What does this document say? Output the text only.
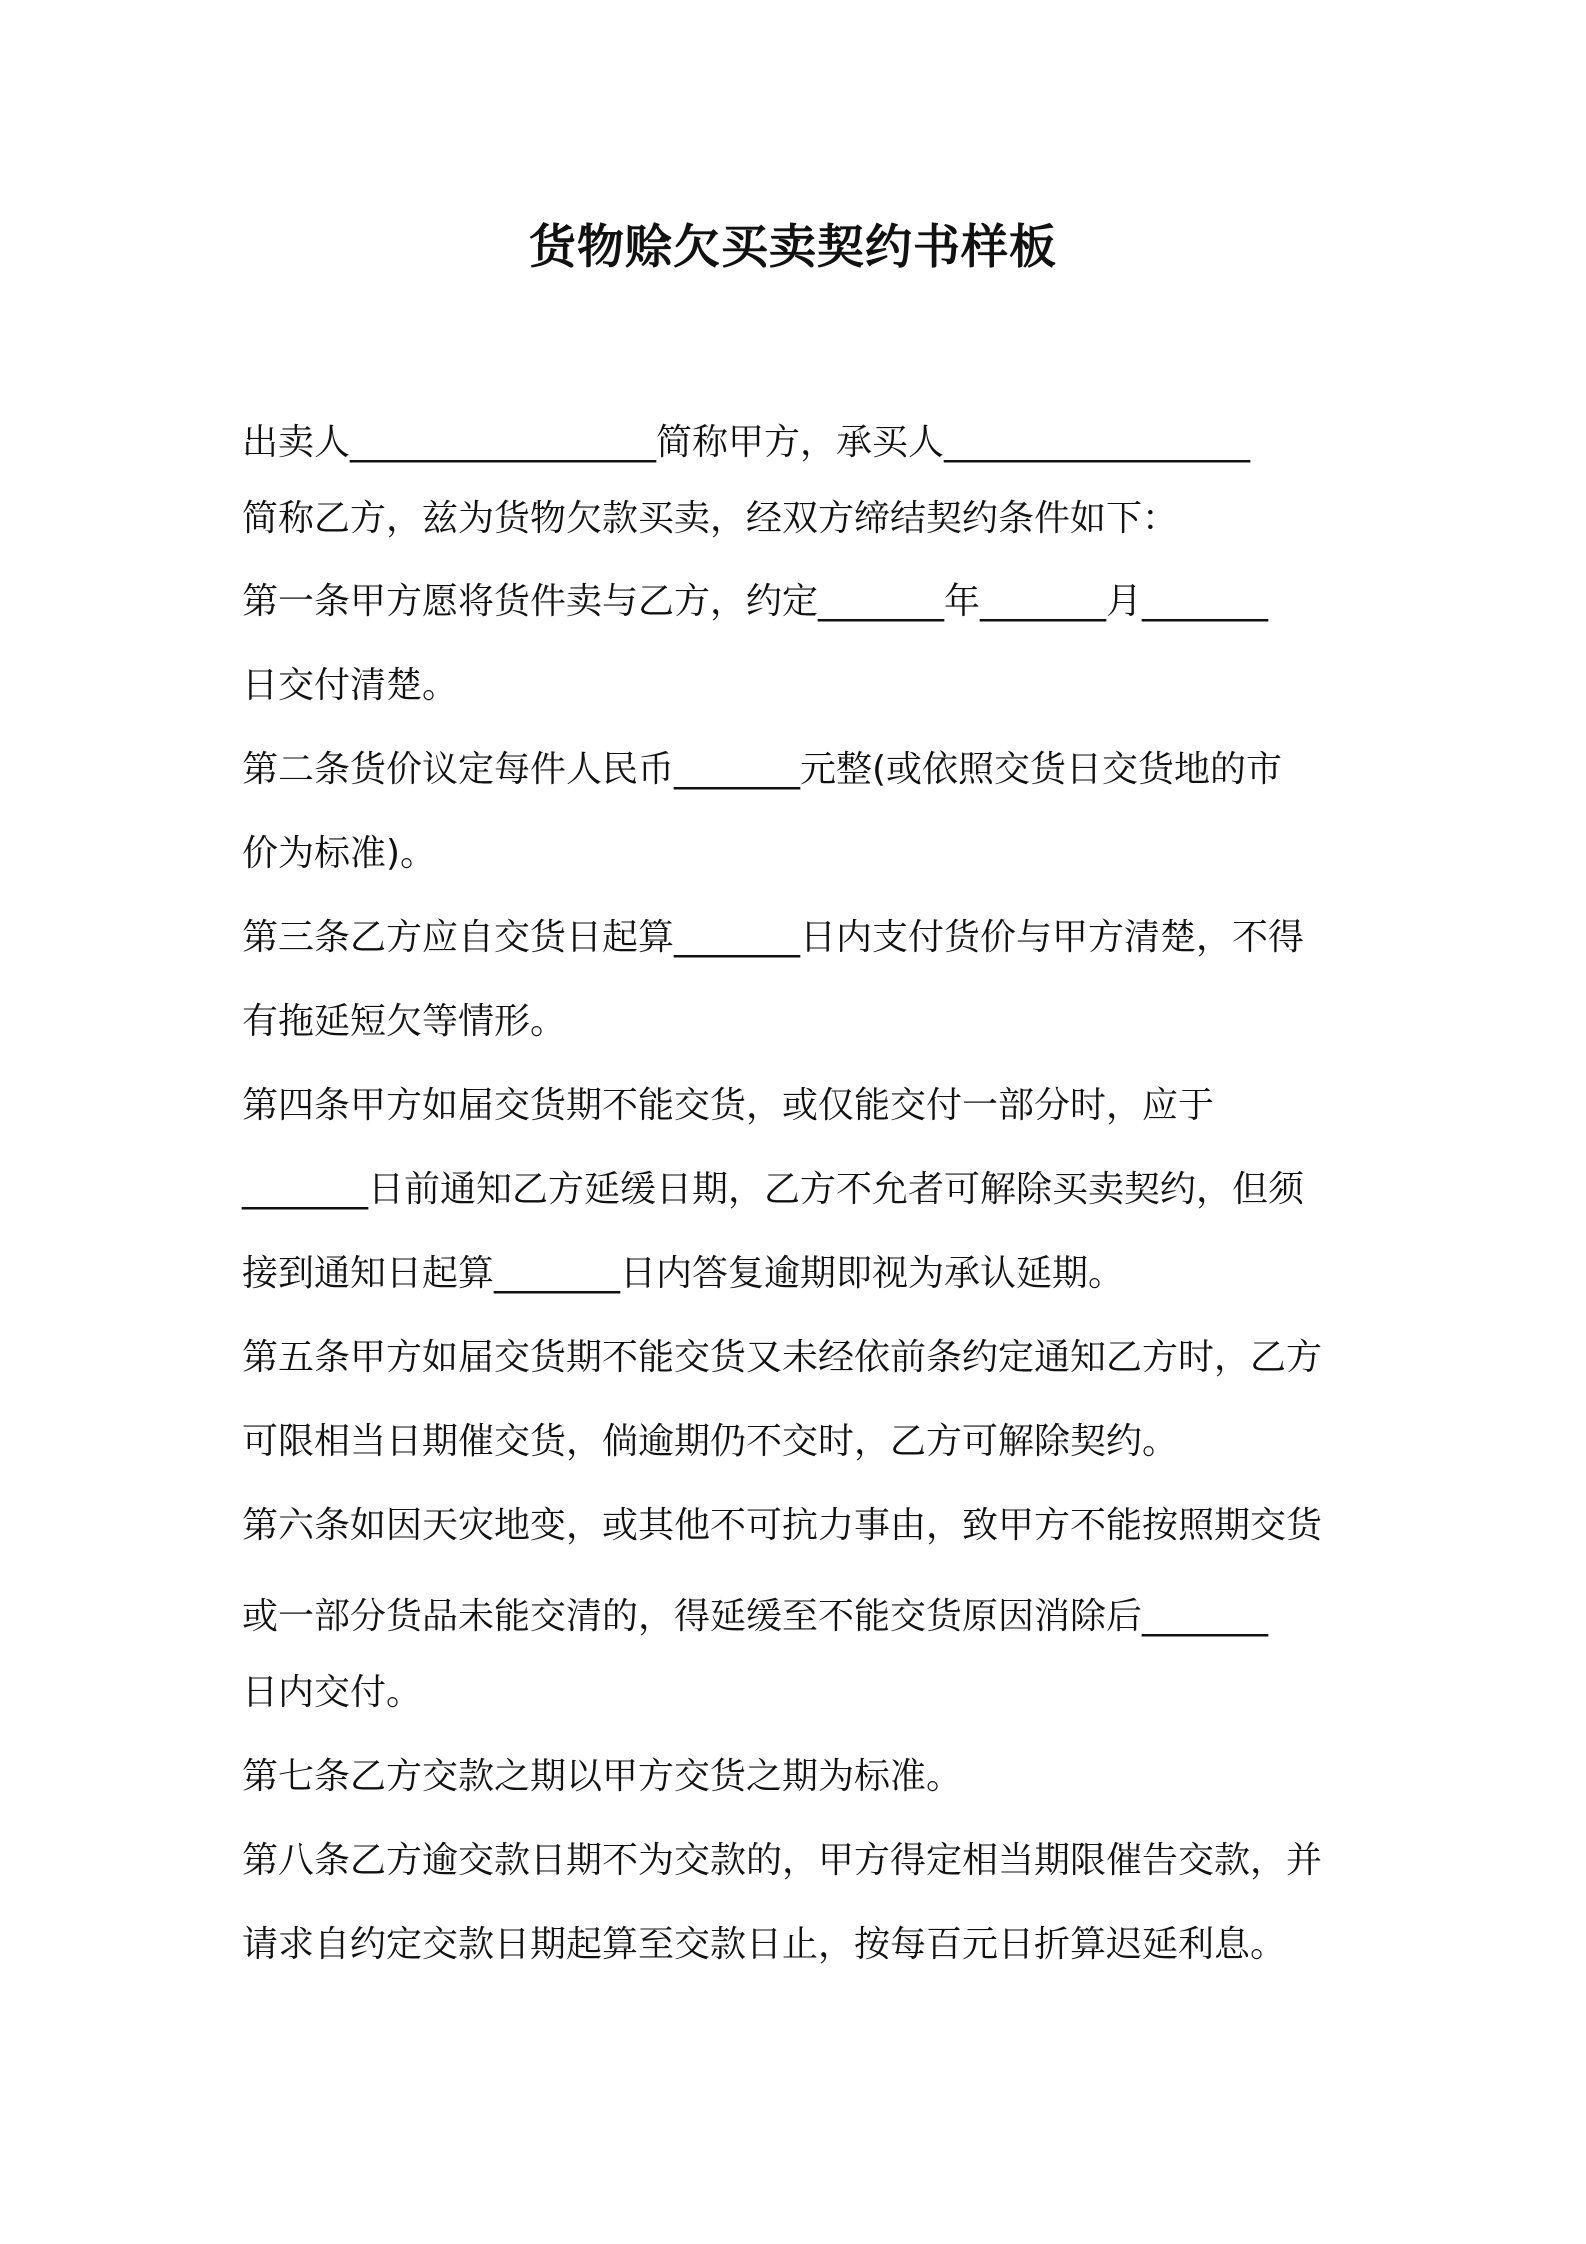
货物赊欠买卖契约书样板

出卖人_________________简称甲方，承买人_________________

简称乙方，兹为货物欠款买卖，经双方缔结契约条件如下：

第一条甲方愿将货件卖与乙方，约定_______年_______月_______

日交付清楚。

第二条货价议定每件人民币_______元整(或依照交货日交货地的市

价为标准)。

第三条乙方应自交货日起算_______日内支付货价与甲方清楚，不得

有拖延短欠等情形。

第四条甲方如届交货期不能交货，或仅能交付一部分时，应于

_______日前通知乙方延缓日期，乙方不允者可解除买卖契约，但须

接到通知日起算_______日内答复逾期即视为承认延期。

第五条甲方如届交货期不能交货又未经依前条约定通知乙方时，乙方

可限相当日期催交货，倘逾期仍不交时，乙方可解除契约。

第六条如因天灾地变，或其他不可抗力事由，致甲方不能按照期交货

或一部分货品未能交清的，得延缓至不能交货原因消除后_______

日内交付。

第七条乙方交款之期以甲方交货之期为标准。

第八条乙方逾交款日期不为交款的，甲方得定相当期限催告交款，并

请求自约定交款日期起算至交款日止，按每百元日折算迟延利息。
